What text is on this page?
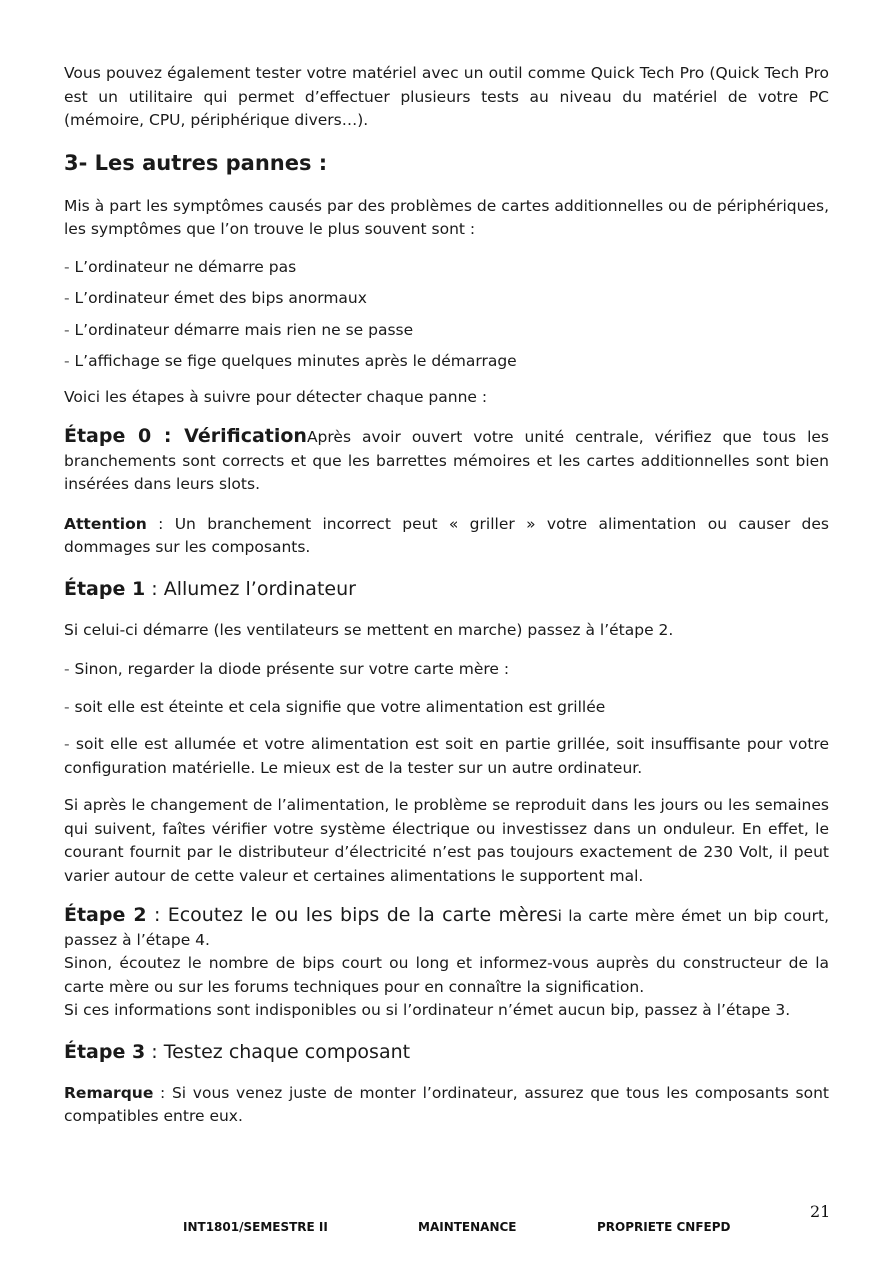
Vous pouvez également tester votre matériel avec un outil comme Quick Tech Pro (Quick Tech Pro est un utilitaire qui permet d’effectuer plusieurs tests au niveau du matériel de votre PC (mémoire, CPU, périphérique divers…).

3- Les autres pannes :

Mis à part les symptômes causés par des problèmes de cartes additionnelles ou de périphériques, les symptômes que l’on trouve le plus souvent sont :

- L’ordinateur ne démarre pas

- L’ordinateur émet des bips anormaux

- L’ordinateur démarre mais rien ne se passe

- L’affichage se fige quelques minutes après le démarrage

Voici les étapes à suivre pour détecter chaque panne :

Étape 0 : VérificationAprès avoir ouvert votre unité centrale, vérifiez que tous les branchements sont corrects et que les barrettes mémoires et les cartes additionnelles sont bien insérées dans leurs slots.

Attention : Un branchement incorrect peut « griller » votre alimentation ou causer des dommages sur les composants.

Étape 1 : Allumez l’ordinateur

Si celui-ci démarre (les ventilateurs se mettent en marche) passez à l’étape 2.

- Sinon, regarder la diode présente sur votre carte mère :

- soit elle est éteinte et cela signifie que votre alimentation est grillée

- soit elle est allumée et votre alimentation est soit en partie grillée, soit insuffisante pour votre configuration matérielle. Le mieux est de la tester sur un autre ordinateur.

Si après le changement de l’alimentation, le problème se reproduit dans les jours ou les semaines qui suivent, faîtes vérifier votre système électrique ou investissez dans un onduleur. En effet, le courant fournit par le distributeur d’électricité n’est pas toujours exactement de 230 Volt, il peut varier autour de cette valeur et certaines alimentations le supportent mal.

Étape 2 : Ecoutez le ou les bips de la carte mèreSi la carte mère émet un bip court, passez à l’étape 4.

Sinon, écoutez le nombre de bips court ou long et informez-vous auprès du constructeur de la carte mère ou sur les forums techniques pour en connaître la signification.

Si ces informations sont indisponibles ou si l’ordinateur n’émet aucun bip, passez à l’étape 3.

Étape 3 : Testez chaque composant

Remarque : Si vous venez juste de monter l’ordinateur, assurez que tous les composants sont compatibles entre eux.

21
INT1801/SEMESTRE II	MAINTENANCE	PROPRIETE CNFEPD
